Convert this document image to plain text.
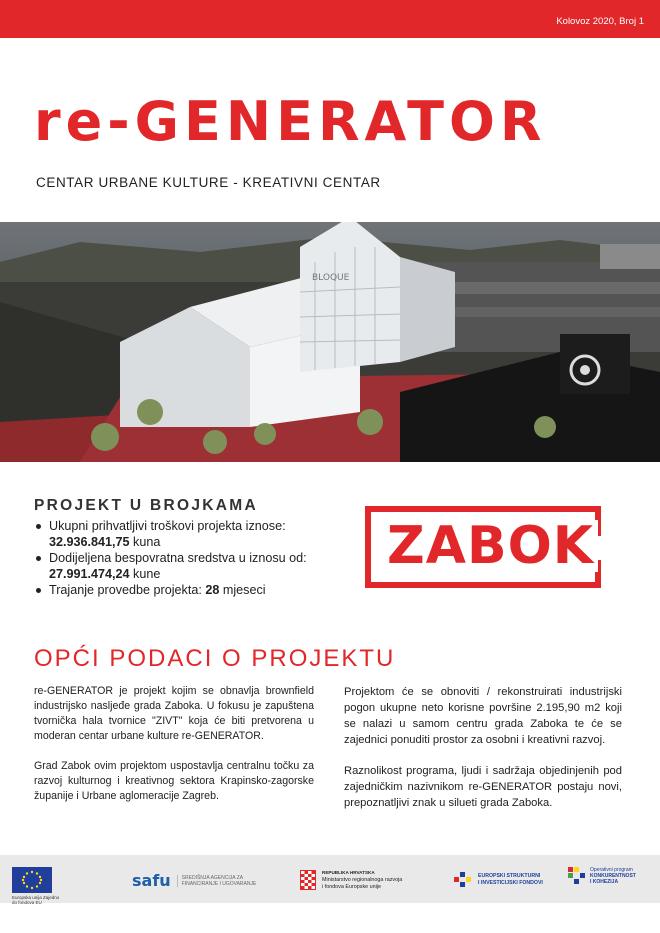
Kolovoz 2020, Broj 1
re-GENERATOR

CENTAR URBANE KULTURE - KREATIVNI CENTAR

BLOQUE
PROJEKT U BROJKAMA
Ukupni prihvatljivi troškovi projekta iznose:
32.936.841,75 kuna
Dodijeljena bespovratna sredstva u iznosu od:
27.991.474,24 kune
Trajanje provedbe projekta: 28 mjeseci

ZABOK

OPĆI PODACI O PROJEKTU

re-GENERATOR je projekt kojim se obnavlja brownfield industrijsko nasljeđe grada Zaboka. U fokusu je zapuštena tvornička hala tvornice "ZIVT" koja će biti pretvorena u moderan centar urbane kulture re-GENERATOR.

Grad Zabok ovim projektom uspostavlja centralnu točku za razvoj kulturnog i kreativnog sektora Krapinsko-zagorske županije i Urbane aglomeracije Zagreb.

Projektom će se obnoviti / rekonstruirati industrijski pogon ukupne neto korisne površine 2.195,90 m2 koji se nalazi u samom centru grada Zaboka te će se zajednici ponuditi prostor za osobni i kreativni razvoj.

Raznolikost programa, ljudi i sadržaja objedinjenih pod zajedničkim nazivnikom re-GENERATOR postaju novi, prepoznatljivi znak u silueti grada Zaboka.

Europska unija Zajedno do fondova EU
safu	SREDIŠNJA AGENCIJA ZA FINANCIRANJE I UGOVARANJE
REPUBLIKA HRVATSKA
Ministarstvo regionalnoga razvoja
i fondova Europske unije
EUROPSKI STRUKTURNI
I INVESTICIJSKI FONDOVI
Operativni program
KONKURENTNOST
I KOHEZIJA
